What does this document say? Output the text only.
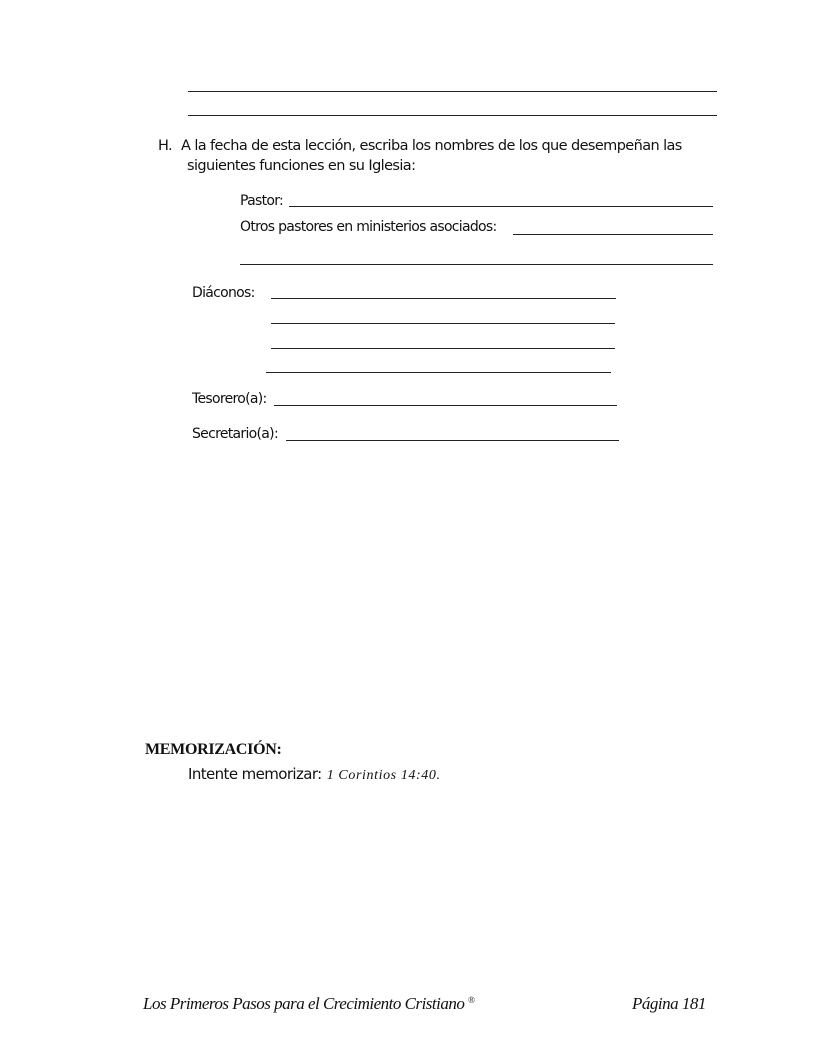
H. A la fecha de esta lección, escriba los nombres de los que desempeñan las
siguientes funciones en su Iglesia:
Pastor:
Otros pastores en ministerios asociados:
Diáconos:
Tesorero(a):
Secretario(a):
MEMORIZACIÓN:
Intente memorizar: 1 Corintios 14:40.
Los Primeros Pasos para el Crecimiento Cristiano ®	Página 181
